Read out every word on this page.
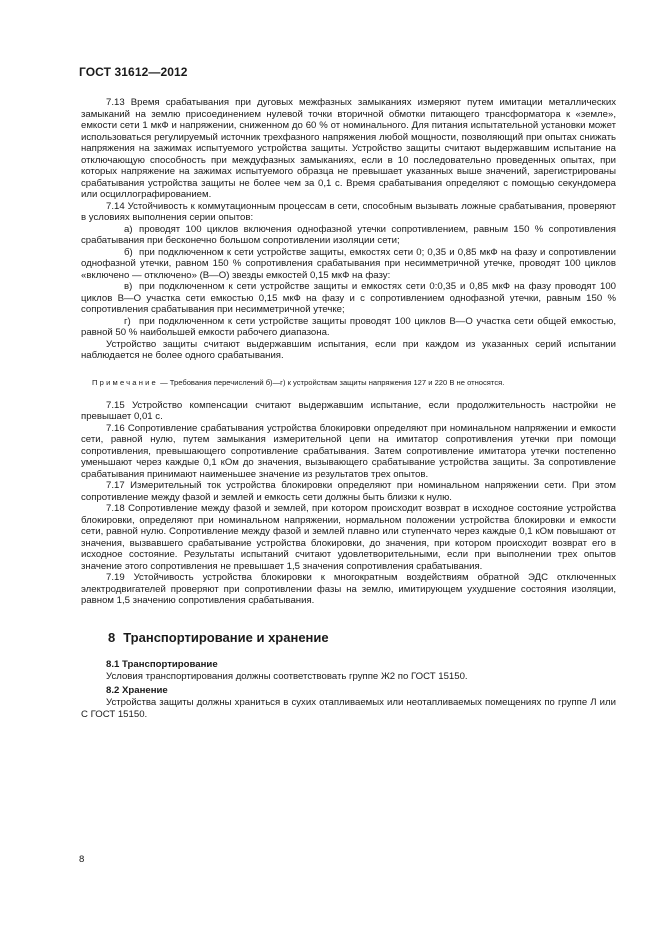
ГОСТ 31612—2012

7.13 Время срабатывания при дуговых межфазных замыканиях измеряют путем имитации металлических замыканий на землю присоединением нулевой точки вторичной обмотки питающего трансформатора к «земле», емкости сети 1 мкФ и напряжении, сниженном до 60 % от номинального. Для питания испытательной установки может использоваться регулируемый источник трехфазного напряжения любой мощности, позволяющий при опытах снижать напряжения на зажимах испытуемого устройства защиты. Устройство защиты считают выдержавшим испытание на отключающую способность при междуфазных замыканиях, если в 10 последовательно проведенных опытах, при которых напряжение на зажимах испытуемого образца не превышает указанных выше значений, зарегистрированы срабатывания устройства защиты не более чем за 0,1 с. Время срабатывания определяют с помощью секундомера или осциллографированием.

7.14 Устойчивость к коммутационным процессам в сети, способным вызывать ложные срабатывания, проверяют в условиях выполнения серии опытов:

а) проводят 100 циклов включения однофазной утечки сопротивлением, равным 150 % сопротивления срабатывания при бесконечно большом сопротивлении изоляции сети;

б) при подключенном к сети устройстве защиты, емкостях сети 0; 0,35 и 0,85 мкФ на фазу и сопротивлении однофазной утечки, равном 150 % сопротивления срабатывания при несимметричной утечке, проводят 100 циклов «включено — отключено» (В—О) звезды емкостей 0,15 мкФ на фазу:

в) при подключенном к сети устройстве защиты и емкостях сети 0:0,35 и 0,85 мкФ на фазу проводят 100 циклов В—О участка сети емкостью 0,15 мкФ на фазу и с сопротивлением однофазной утечки, равным 150 % сопротивления срабатывания при несимметричной утечке;

г) при подключенном к сети устройстве защиты проводят 100 циклов В—О участка сети общей емкостью, равной 50 % наибольшей емкости рабочего диапазона.

Устройство защиты считают выдержавшим испытания, если при каждом из указанных серий испытании наблюдается не более одного срабатывания.

Примечание — Требования перечислений б)—г) к устройствам защиты напряжения 127 и 220 В не относятся.

7.15 Устройство компенсации считают выдержавшим испытание, если продолжительность настройки не превышает 0,01 с.

7.16 Сопротивление срабатывания устройства блокировки определяют при номинальном напряжении и емкости сети, равной нулю, путем замыкания измерительной цепи на имитатор сопротивления утечки при помощи сопротивления, превышающего сопротивление срабатывания. Затем сопротивление имитатора утечки постепенно уменьшают через каждые 0,1 кОм до значения, вызывающего срабатывание устройства защиты. За сопротивление срабатывания принимают наименьшее значение из результатов трех опытов.

7.17 Измерительный ток устройства блокировки определяют при номинальном напряжении сети. При этом сопротивление между фазой и землей и емкость сети должны быть близки к нулю.

7.18 Сопротивление между фазой и землей, при котором происходит возврат в исходное состояние устройства блокировки, определяют при номинальном напряжении, нормальном положении устройства блокировки и емкости сети, равной нулю. Сопротивление между фазой и землей плавно или ступенчато через каждые 0,1 кОм повышают от значения, вызвавшего срабатывание устройства блокировки, до значения, при котором происходит возврат его в исходное состояние. Результаты испытаний считают удовлетворительными, если при выполнении трех опытов значение этого сопротивления не превышает 1,5 значения сопротивления срабатывания.

7.19 Устойчивость устройства блокировки к многократным воздействиям обратной ЭДС отключенных электродвигателей проверяют при сопротивлении фазы на землю, имитирующем ухудшение состояния изоляции, равном 1,5 значению сопротивления срабатывания.

8 Транспортирование и хранение

8.1 Транспортирование

Условия транспортирования должны соответствовать группе Ж2 по ГОСТ 15150.

8.2 Хранение

Устройства защиты должны храниться в сухих отапливаемых или неотапливаемых помещениях по группе Л или С ГОСТ 15150.

8
